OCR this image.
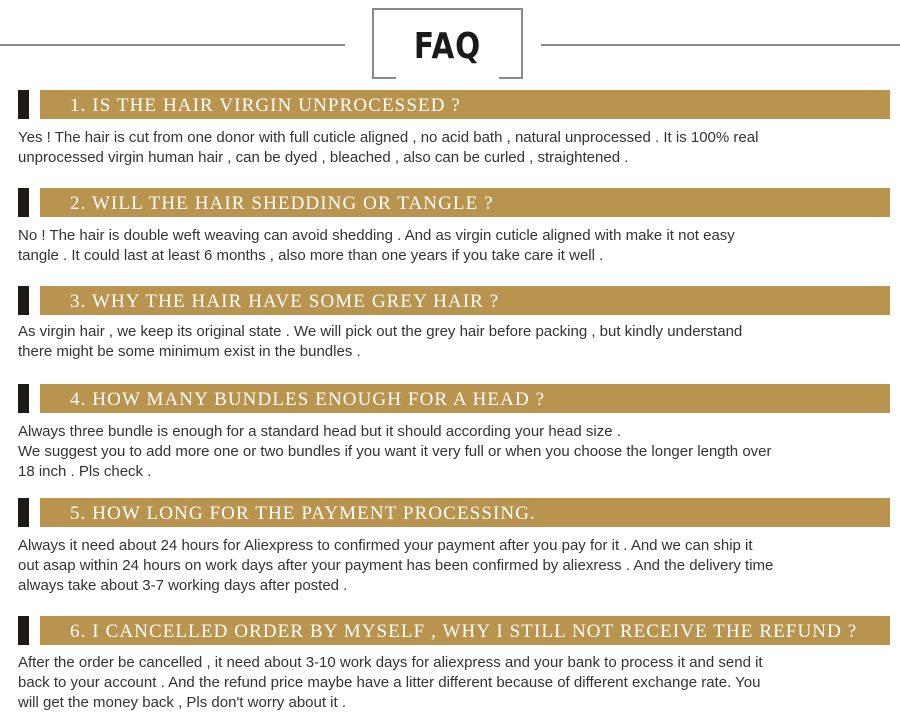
FAQ
1. IS THE HAIR VIRGIN UNPROCESSED ?
Yes ! The hair is cut from one donor with full cuticle aligned , no acid bath , natural unprocessed . It is 100% real
unprocessed virgin human hair , can be dyed , bleached , also can be curled , straightened .
2. WILL THE HAIR SHEDDING OR TANGLE ?
No ! The hair is double weft weaving can avoid shedding . And as virgin cuticle aligned with make it not easy
tangle . It could last at least 6 months , also more than one years if you take care it well .
3. WHY THE HAIR HAVE SOME GREY HAIR ?
As virgin hair , we keep its original state . We will pick out the grey hair before packing , but kindly understand
there might be some minimum exist in the bundles .
4. HOW MANY BUNDLES ENOUGH FOR A HEAD ?
Always three bundle is enough for a standard head but it should according your head size .
We suggest you to add more one or two bundles if you want it very full or when you choose the longer length over
18 inch . Pls check .
5. HOW LONG FOR THE PAYMENT PROCESSING.
Always it need about 24 hours for Aliexpress to confirmed your payment after you pay for it . And we can ship it
out asap within 24 hours on work days after your payment has been confirmed by aliexress . And the delivery time
always take about 3-7 working days after posted .
6. I CANCELLED ORDER BY MYSELF , WHY I STILL NOT RECEIVE THE REFUND ?
After the order be cancelled , it need about 3-10 work days for aliexpress and your bank to process it and send it
back to your account . And the refund price maybe have a litter different because of different exchange rate. You
will get the money back , Pls don't worry about it .
